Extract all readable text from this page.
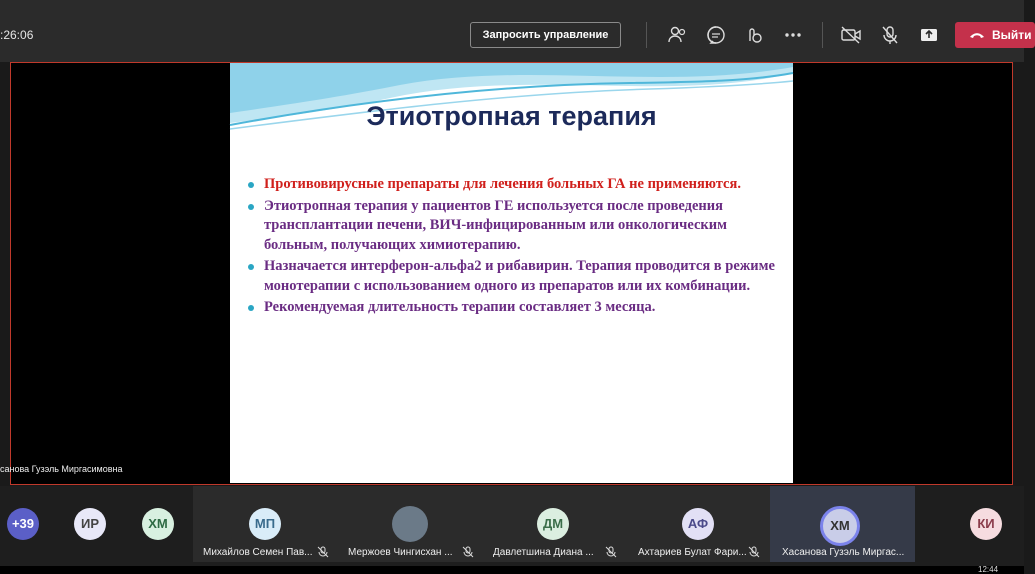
:26:06	Запросить управление	Выйти
Этиотропная терапия
Противовирусные препараты для лечения больных ГА не применяются.
Этиотропная терапия у пациентов ГЕ используется после проведения трансплантации печени, ВИЧ-инфицированным или онкологическим больным, получающих химиотерапию.
Назначается интерферон-альфа2 и рибавирин. Терапия проводится в режиме монотерапии с использованием одного из препаратов или их комбинации.
Рекомендуемая длительность терапии составляет 3 месяца.
санова Гузэль Миргасимовна
+39	ИР	ХМ	МП
Михайлов Семен Пав...	Мержоев Чингисхан ...
ДМ
Давлетшина Диана ...
АФ
Ахтариев Булат Фари...
ХМ
Хасанова Гузэль Миргас...
КИ
12:44
